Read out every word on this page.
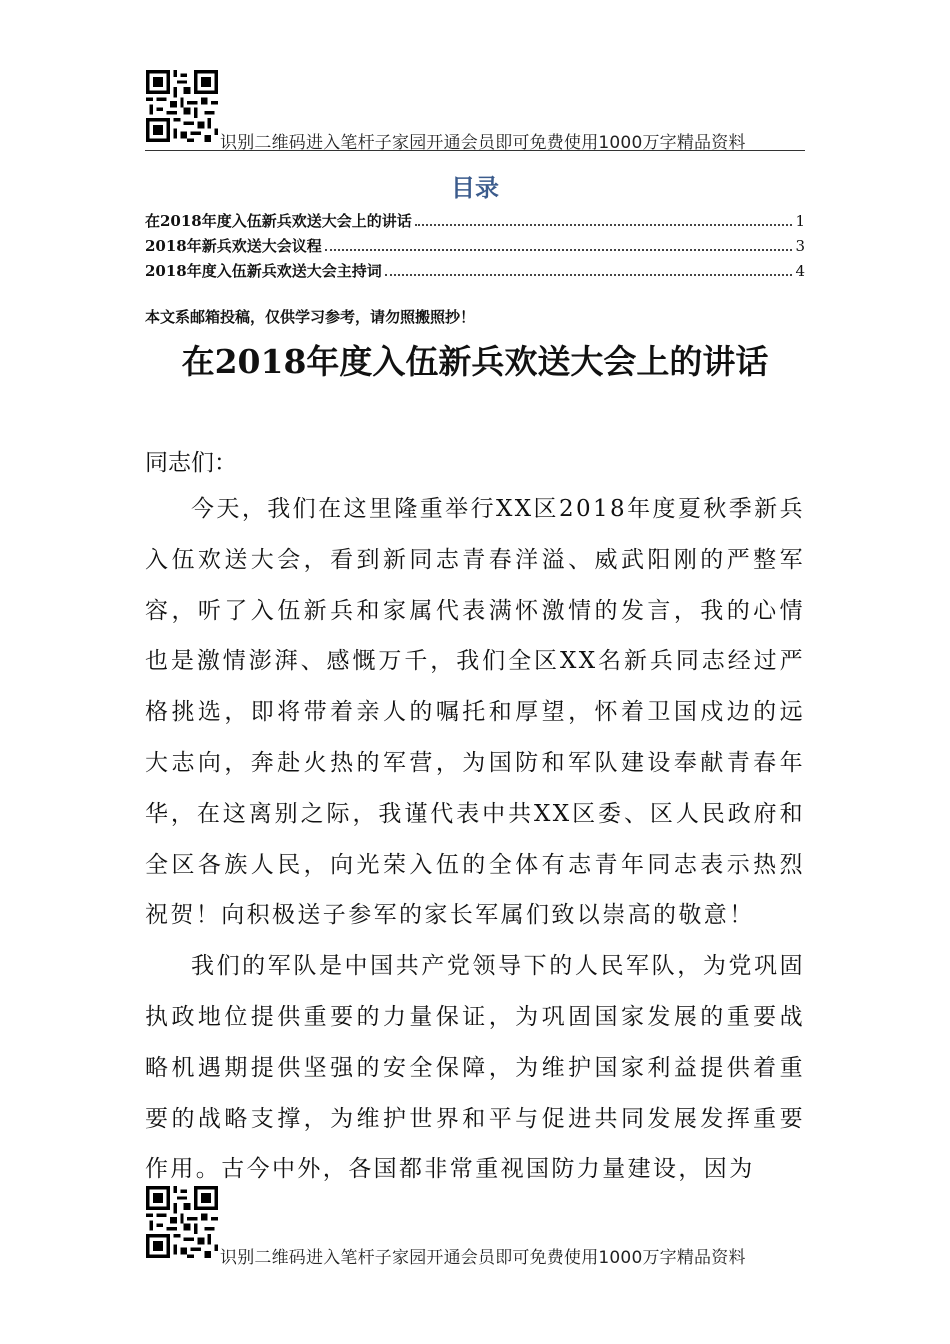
识别二维码进入笔杆子家园开通会员即可免费使用1000万字精品资料
目录
在2018年度入伍新兵欢送大会上的讲话	1
2018年新兵欢送大会议程	3
2018年度入伍新兵欢送大会主持词	4
本文系邮箱投稿，仅供学习参考，请勿照搬照抄！
在2018年度入伍新兵欢送大会上的讲话
同志们：

今天，我们在这里隆重举行XX区2018年度夏秋季新兵入伍欢送大会，看到新同志青春洋溢、威武阳刚的严整军容，听了入伍新兵和家属代表满怀激情的发言，我的心情也是激情澎湃、感慨万千，我们全区XX名新兵同志经过严格挑选，即将带着亲人的嘱托和厚望，怀着卫国戍边的远大志向，奔赴火热的军营，为国防和军队建设奉献青春年华，在这离别之际，我谨代表中共XX区委、区人民政府和全区各族人民，向光荣入伍的全体有志青年同志表示热烈祝贺！向积极送子参军的家长军属们致以崇高的敬意！

我们的军队是中国共产党领导下的人民军队，为党巩固执政地位提供重要的力量保证，为巩固国家发展的重要战略机遇期提供坚强的安全保障，为维护国家利益提供着重要的战略支撑，为维护世界和平与促进共同发展发挥重要作用。古今中外，各国都非常重视国防力量建设，因为

识别二维码进入笔杆子家园开通会员即可免费使用1000万字精品资料
